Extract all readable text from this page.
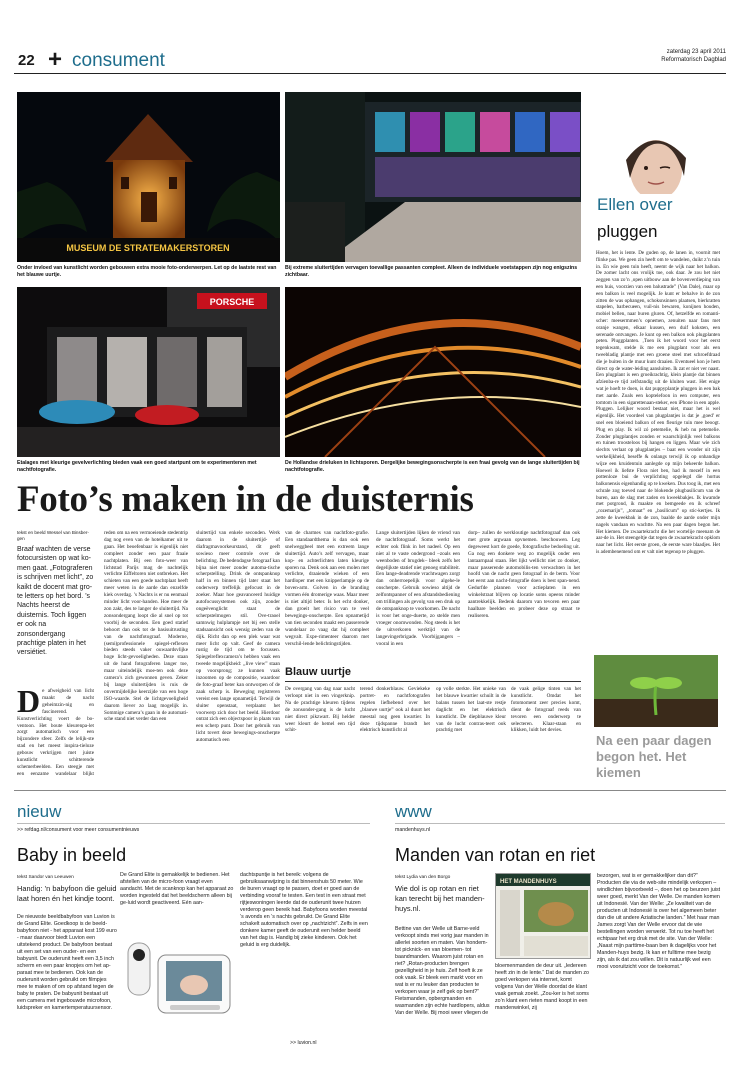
22 + consument	zaterdag 23 april 2011
Reformatorisch Dagblad
MUSEUM DE STRATEMAKERSTOREN
Onder invloed van kunstlicht worden gebouwen extra mooie foto-onderwerpen. Let op de laatste rest van het blauwe uurtje.
Bij extreme sluitertijden vervagen toevallige passanten compleet. Alleen de individuele voetstappen zijn nog enigszins zichtbaar.
PORSCHE
Etalages met kleurige gevelverlichting bieden vaak een goed startpunt om te experimenteren met nachtfotografie.
De Hollandse drieluken in lichtsporen. Dergelijke bewegingsonscherpte is een fraai gevolg van de lange sluitertijden bij nachtfotografie.
Foto’s maken in de duisternis
tekst en beeld Wessel van Binsber-gen
Braaf wachten de verse fotocursisten op wat ko-men gaat. „Fotograferen is schrijven met licht”, zo kaikt de docent mat gro-te letters op het bord. ’s Nachts heerst de duisternis. Toch liggen er ook na zonsondergang prachtige platen in het versiétiet.
D e afweigheid van licht maakt de nacht geheimzin-nig en fascinerend. Kunstverlichting voert de bo-ventoon. Het boute kleurenpa-let zorgt automatisch voor een bijzondere sfeer. Zelfs de lelijk-ste stad en het meest inspira-tieloze gebouw verkrijgen met juiste kunstlicht schitterende schemerbeelden. Een steegje met een eenzame wandelaar blijkt
reden om na een vermoeiende stedentrip dag nog even van de hotelkamer uit te gaan. Het beoefenbaar is eigenlijk niet compleet zonder een paar fraaie nachtplaten. Bij een foto-weer van lichtstad Parijs mag de nachtelijk verlichte Eiffeltoren niet ontbreken. Het schieten van een goede nachtplaat heeft meer weten in de aarde dan enzelfde kiek overdag. ’s Nachts is er nu eenmaal minder licht voor-handen. Hoe meer de zon zakt, des te langer de sluitertijd. Na zonsondergang loopt die al snel op tot voorbij de seconden. Een goed statief behoort dan ook tot de basisuitrusting van de nachtfotograaf. Moderne, (semi)professionele spiegel-reflexen bieden steeds vaker ouwaardsvlijke hoge licht-gevoeligheden. Deze staan uit de hand fotograferen langer toe, maar uiteindelijk moe-ten ook deze camera’s zich gewonnen geven. Zeker bij lange sluitertijden is ruis de onvermijdelijke keerzijde van een hoge ISO-waarde. Stel de lichtgevoeligheid daarom liever zo laag mogelijk in. Sommige camera’s gaan in de automati-sche stand niet verder dan een
sluitertijd van enkele seconden. Werk daarom in de sluitertijd- of diafragmavoorkeurstand, dit geeft sowieso meer controle over de belichting. De bedendagse fotograaf kan bijna niet meer zonder automa-tische scherpstelling. Drink de ontspanknop half in en binnen tijd later staat het onderwerp treffelijk gefocust in de zoeker. Maar hoe geavanceerd huidige autofocussystemen ook zijn, zonder ongeëvenglicht staat de scherpstelmogen stil. Ove-traoel samnwig hulplampje net bij een stelle stadsaansicht ook wensig zeden van de dijk. Richt dan op een plek waar wat meer licht op valt. Geef de camera rustig de tijd om te focussen. Spiegelreflexcamera’s hebben vaak een tweede mogelijkheid: „live view” staan op voorsprong; ze kunnen vaak inzoomen op de compositie, waardoor de foto-graaf beter kan ontworpen of de zaak scherp is. Beweging registreren vereist een lange opnametijd. Terwijl de sluiter openstaat, verplaatst het voorwerp zich door het beeld. Hierdoor ontrat zich een objectspoor in plaats van een scherp punt. Door het gebruik van licht tovert deze bewegings-onscherpte automatisch een
van de charmes van nachtfoto-grafie. Een standaardthema is dan ook een snelweggbeel met een extreem lange sluitertijd. Auto’s zelf vervagen, maar kop- en achterlichten laten kleurige sporen na. Denk ook aan een molen met verlichte, draaiende wieken of een hardloper met een knipperlampje op de boven-arm. Golven in de branding vormen één dromerige waas. Maar meer is niet altijd beter. Is het echt donker, dan groeit het risico van te veel bewegings-onscherpte. Een opnametijd van tien seconden maakt een passerende wandelaar zo vaag dat hij compleet wegvalt. Expe-rimenteer daarom met verschil-lende belichtingstijden.
Lange sluitertijden lijken de vriend van de nachtfotograaf. Soms werkt het echter ook flink in het nadeel. Op een niet al te vaste ondergrond –zoals een weenboden of brugdek– bleek zelfs het degelijkste statief niet genoeg stabiliteit. Een lange-deadrende vrachtwagen zorgt dan onherroepelijk voor algehe-le onscherpte. Gebruik sowieso altijd de zelfontspanner of een afstandsbediening om trillingen als gevolg van een druk op de ontspanknop te voorkomen. De nacht is voor het ongе-duerte, zo stelde men vroeger onomwonden. Nog steeds is het de uitverkoren werktijd van de langevingerbrigade. Voorbijgangers –vooral in een
dorp– zullen de werkloutige nachtfotograaf dan ook met grote argwaan opvnemen. beschouwen. Leg degeweest kort de goede, fotografische bedoeling uit. Ga nog een donkere weg zo mogelijk onder een lantaarnpaal staan. Het lijkt wellicht niet zo donker, maar passerende automobilis-ten verwachten in het hoofd van de nacht geen fotograaf in de berm. Voor het eerst aan nacht-fotografie doen is best span-nend. Gedurfde plannen voor actieplaten in een winkelstraat blijven op locatie soms opeens minder aantrekkelijk. Bedenk daarom van tevoren een paar haalbare beelden en probeer deze op straat te realiseren.
Blauw uurtje
De overgang van dag naar nacht verloopt niet in een vingerknip. Na de prachtige kleuren tijdens de zonsonder-gang is de lucht niet direct pikzwart. Bij helder weer kleurt de hemel een tijd schit-
terend donkerblauw. Geviekeke portret- en nachtfotografen regelen liefhebend over het „blauwe uurtje” ook al duurt het meestal nog geen kwartier. In deze tijdspanne brandt het elektrisch kunstlicht al
op volle sterkte. Het unieke van het blauwe kwartier schuilt in de balans tussen het laat-ste restje daglicht en het elektrisch kunstlicht. De diepblauwe kleur van de lucht contras-teert ook prachtig met
de vaak gelige tinten van het kunstlicht. Omdat het fotomoment zeer precies komt, dient de fotograaf reeds van tevoren een onderwerp te selecteren. Klaar-staan en klikken, luidt het devies.
Ellen over
pluggen
Hoem, het is lente. De guden op, de lanen in, voornit met flinke pas. We geen zin heeft om te wandelen, duikt z’n tuin in. En wie geen tuin heeft, neemt de wijk naar het balkon. De zomer lacht ons vrolijk toe, ook daar. Je zou het niet zeggen van zo’n ‚open uitbouw aan de bovenverdieping van een huis, voorzien van een balustrade” (Van Dale), maar op een balkon is veel mogelijk. Je kunt er behalve in de zon zitten de was ophangen, schoksnsinnen plaatsen, bierkratten stapelen, barbecueen, vuil-nis bewaren, konijnen houden, mobiel bellen, naar buren gluren. Of, hetzelfde en romanti-scher: meesermmen’s opnemen, zenuiten naar fans met oranje wangen, elkaar kussen, een duif koksten, een serenade ontvangen. Je kunt op een balkon ook plugplanten peten. Pluggplanten. ‚Toen ik het woord voor het eerst tegenkwam, stelde ik me een plugplant voor als een tweebladig plantje met een groene steel met schroefdraad die je buiten in de muur kunt draaien. Eventueel kon je hem direct op de water-leiding aansluiten. Ik zat er niet ver naast. Een plugplant is een groeikrachtig, klein plantje dat binnen afzienba-re tijd zelfstandig uit de kluiten wast. Het enige wat je hoeft te doen, is dat puppyplantje pluggen in een bak met aarde. Zoals een koptelefoon in een computer, een tomtom in een sigarettenaan-steker, een iPhone in een apple. Pluggen. Lelijker woord bestaat niet, maar het is wel eigenlijk. Het voordeel van plugplantjes is dat je ‚goed’ er snel een bloeiend balkon of een fleurige tuin mee beoogt. Plug en play. Ik wil zó petemelie, & heb nu petemelie. Zonder plugplantjes zonden er waarschijnlijk veel balkons en tuinen troosteloos bij hangen en liggen. Maar wie zich slechts verlaat op plugplantjes – baat een wonder uit zijn werkelijkheid, beseffe & onlangs terwijl ik op onhandige wijze een kruidentuin aanlegde op mijn bekeerde balkon. Hoewel ik liefste Flora niet ben, had ik mezelf in een pottenloze bui de verplichting opgelegd die hortus balkonensis eigenhandig op te kweken. Dus toog ik, met een schrale zog toeved naar de blokende plugbasilicum van de buren, aan de slag met zaden en kweekbakjes. Ik kwamde met potgrond, ik maakte en bemgeede en ik schreef „rozemarijn”, „tomaat” en „basilicum” op stic-kertjes. Ik zette de kweekbak in de zon, baalde de aarde onder mijn nagels vandaan en wachtte. Na een paar dagen begon het. Het kiemen. De zwaartekracht die het wortelije meenam de aar-de in. Het steengeltje dat tegen de zwaartekracht opklom naar het licht. Het eerste groen, de eerste ware blaadjes. Het is adembenemend om er valt niet tegenop te pluggen.
Na een paar dagen begon het. Het kiemen
nieuw
>> refdag.nl/consument voor meer consumentnieuws
Baby in beeld
tekst Sandor van Leeuwen
Handig: ’n babyfoon die geluid laat horen én het kindje toont.
De nieuwste beeldbabyfoon van Luvion is de Grand Elite. Goedkoop is de beeld-babyfoon niet - het apparaat kost 199 euro - maar daarvoor biedt Luvion een uitstekend product. De babyfoon bestaat uit een set van een ouder- en een babyunit. De ouderunit heeft een 3,5 inch scherm en een paar knopjes om het ap-paraat mee te bedienen. Ook kan de ouderunit worden gebruikt om filmpjes mee te maken of om op afstand tegen de baby te praten. De babyunit bestaat uit een camera met ingebouwde microfoon, luidspreker en kamertemperatuursensor.
De Grand Elite is gemakkelijk te bedienen. Het afstellen van de micro-foon vraagt even aandacht. Met de scanknop kan het apparaat zo worden ingesteld dat het beeldscherm alleen bij ge-luid wordt geactiveerd. Eén aan-
dachtspuntje is het bereik: volgens de gebruiksaanwijzing is dat binnenshuis 50 meter. Wie de buren vraagt op te passen, doet er goed aan de verbinding vooraf te testen. Een test in een straat met rijtjeswoningen leerde dat de ouderunit twee huizen verderop geen bereik had. Babyfoons worden meestal ’s avonds en ’s nachts gebruikt. De Grand Elite schakelt automatisch over op „nachtzicht”. Zelfs in een donkere kamer geeft de ouderunit een helder beeld van het dag is. Handig bij zieke kinderen. Ook het geluid is erg duidelijk.
>> luvion.nl
www
mandenhuys.nl
Manden van rotan en riet
tekst Lydia van den Borgo
Wie dol is op rotan en riet kan terecht bij het manden-huys.nl.
Bettine van der Welle uit Barne-veld verkoopt sinds mei vorig jaar manden in allerlei soorten en maten. Van hondem- tot picknick- en van bloemen- tot baandmanden. Waarom juist rotan en riet? „Rotan-producten brengen gezelligheid in je huis. Zelf hoeft ik ze ook vaak. Er bleek een markt voor en wat is er nu leuker dan producten te verkopen waar je zelf gek op bent?” Fietsmanden, opbergmanden en wasmanden zijn echte hardlopers, aldus Van der Welle. Bij mooi weer vliegen de
HET MANDENHUYS
bloemenmanden de deur uit. „Iedereen heeft zin in de lente.” Dat de manden zo goed verkopen via internet, komt volgens Van der Welle doordat de klant vaak gemak zoekt. „Zou-ker is het soms zo’n klant een rieten mand koopt in een mandenwinkel, zij
bezorgen, wat is er gemakkelijker dan dit?” Producten die via de web-site mindelijk verkopen – windlichten bijvoorbeeld –, doen het op beurzen juist weer goed, merkt Van der Welle. De manden komen uit Indonesië. Van der Welle: „Ze kwaliteit van de producten uit Indonesië is over het algemeen beter dan die uit andere Aziatische landen.” Met haar man James zorgt Van der Welle ervoor dat de wie bestellingen worden verwerkt. Tot nu toe heeft het echtpaar het erg druk met de site. Van der Welle: „Naast mijn parttime-baan ben ik dagelijks voor het Manden-huys bezig. Ik kan er fulltime mee bezig zijn, als ik dat zou willen. Dit is natuurlijk wel een mooi vooruitzicht voor de toekomst.”
